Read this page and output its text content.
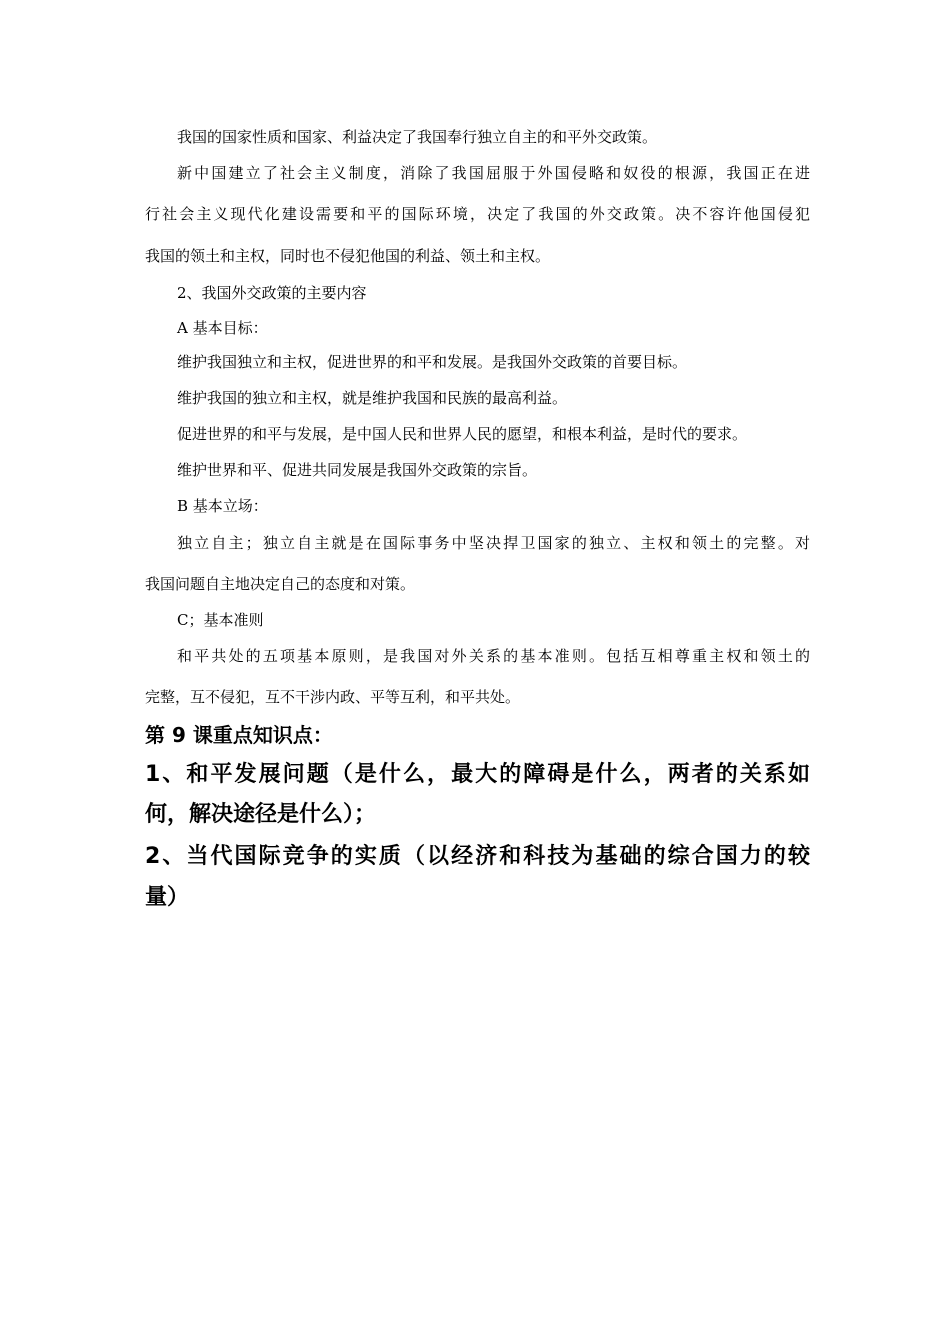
我国的国家性质和国家、利益决定了我国奉行独立自主的和平外交政策。
新中国建立了社会主义制度，消除了我国屈服于外国侵略和奴役的根源，我国正在进
行社会主义现代化建设需要和平的国际环境，决定了我国的外交政策。决不容许他国侵犯
我国的领土和主权，同时也不侵犯他国的利益、领土和主权。
2、我国外交政策的主要内容
A 基本目标：
维护我国独立和主权，促进世界的和平和发展。是我国外交政策的首要目标。
维护我国的独立和主权，就是维护我国和民族的最高利益。
促进世界的和平与发展，是中国人民和世界人民的愿望，和根本利益，是时代的要求。
维护世界和平、促进共同发展是我国外交政策的宗旨。
B 基本立场：
独立自主；独立自主就是在国际事务中坚决捍卫国家的独立、主权和领土的完整。对
我国问题自主地决定自己的态度和对策。
C；基本准则
和平共处的五项基本原则，是我国对外关系的基本准则。包括互相尊重主权和领土的
完整，互不侵犯，互不干涉内政、平等互利，和平共处。
第 9 课重点知识点：
1、和平发展问题（是什么，最大的障碍是什么，两者的关系如
何，解决途径是什么）；
2、当代国际竞争的实质（以经济和科技为基础的综合国力的较
量）
